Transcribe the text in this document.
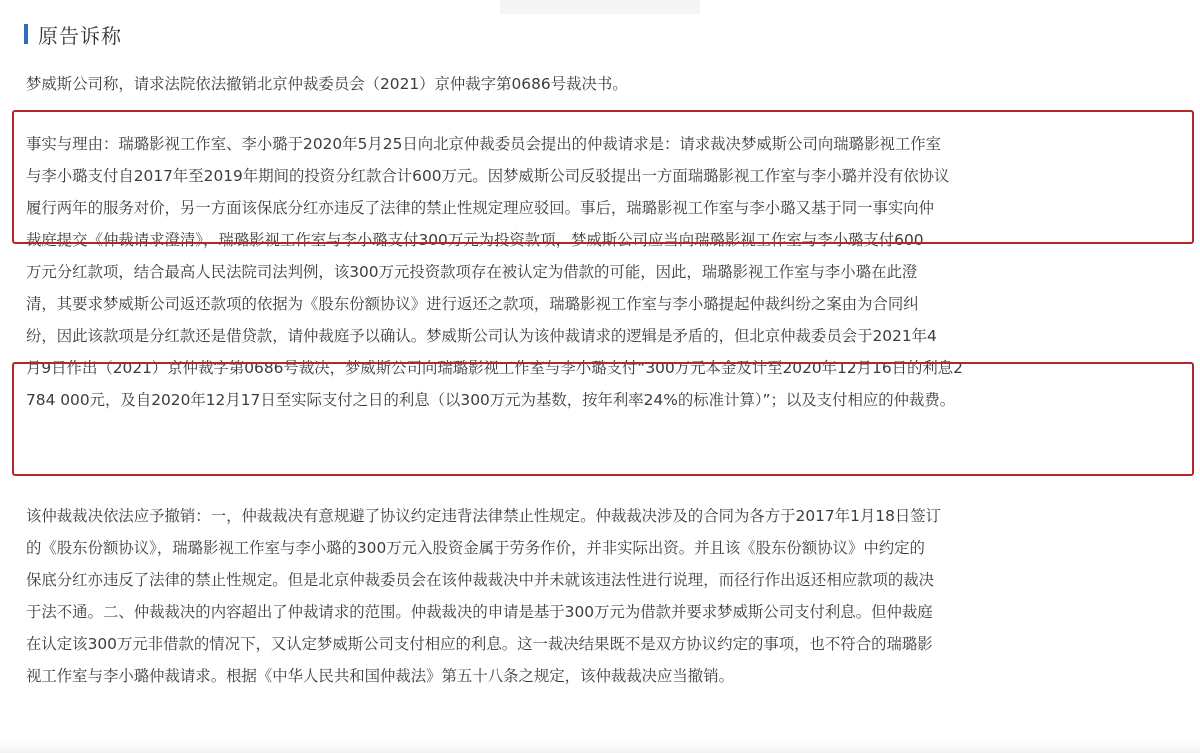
原告诉称
梦威斯公司称，请求法院依法撤销北京仲裁委员会（2021）京仲裁字第0686号裁决书。
事实与理由：瑞璐影视工作室、李小璐于2020年5月25日向北京仲裁委员会提出的仲裁请求是：请求裁决梦威斯公司向瑞璐影视工作室
与李小璐支付自2017年至2019年期间的投资分红款合计600万元。因梦威斯公司反驳提出一方面瑞璐影视工作室与李小璐并没有依协议
履行两年的服务对价，另一方面该保底分红亦违反了法律的禁止性规定理应驳回。事后，瑞璐影视工作室与李小璐又基于同一事实向仲
裁庭提交《仲裁请求澄清》，瑞璐影视工作室与李小璐支付300万元为投资款项，梦威斯公司应当向瑞璐影视工作室与李小璐支付600
万元分红款项，结合最高人民法院司法判例，该300万元投资款项存在被认定为借款的可能，因此，瑞璐影视工作室与李小璐在此澄
清，其要求梦威斯公司返还款项的依据为《股东份额协议》进行返还之款项，瑞璐影视工作室与李小璐提起仲裁纠纷之案由为合同纠
纷，因此该款项是分红款还是借贷款，请仲裁庭予以确认。梦威斯公司认为该仲裁请求的逻辑是矛盾的，但北京仲裁委员会于2021年4
月9日作出（2021）京仲裁字第0686号裁决，梦威斯公司向瑞璐影视工作室与李小璐支付“300万元本金及计至2020年12月16日的利息2
784 000元，及自2020年12月17日至实际支付之日的利息（以300万元为基数，按年利率24%的标准计算）”；以及支付相应的仲裁费。
该仲裁裁决依法应予撤销：一，仲裁裁决有意规避了协议约定违背法律禁止性规定。仲裁裁决涉及的合同为各方于2017年1月18日签订
的《股东份额协议》，瑞璐影视工作室与李小璐的300万元入股资金属于劳务作价，并非实际出资。并且该《股东份额协议》中约定的
保底分红亦违反了法律的禁止性规定。但是北京仲裁委员会在该仲裁裁决中并未就该违法性进行说理，而径行作出返还相应款项的裁决
于法不通。二、仲裁裁决的内容超出了仲裁请求的范围。仲裁裁决的申请是基于300万元为借款并要求梦威斯公司支付利息。但仲裁庭
在认定该300万元非借款的情况下，又认定梦威斯公司支付相应的利息。这一裁决结果既不是双方协议约定的事项，也不符合的瑞璐影
视工作室与李小璐仲裁请求。根据《中华人民共和国仲裁法》第五十八条之规定，该仲裁裁决应当撤销。
